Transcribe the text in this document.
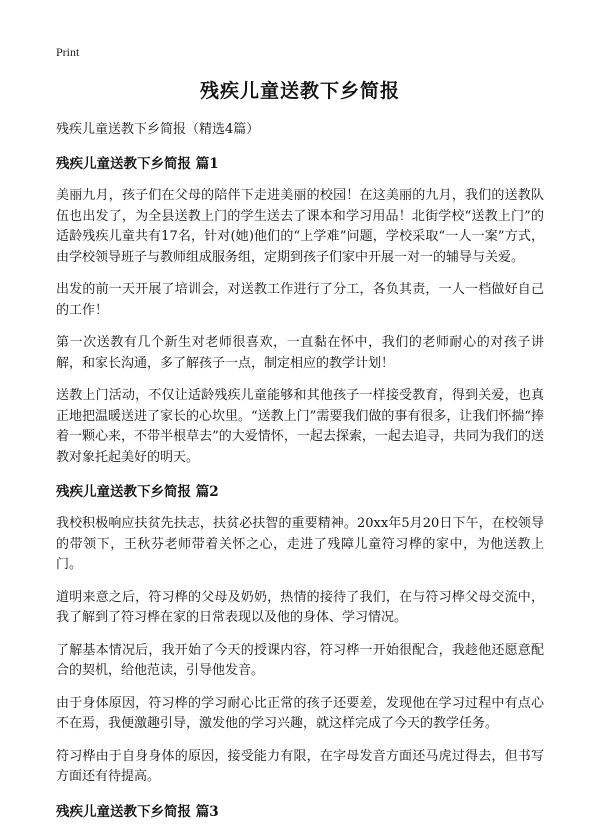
Print
残疾儿童送教下乡简报

残疾儿童送教下乡简报（精选4篇）

残疾儿童送教下乡简报 篇1

美丽九月，孩子们在父母的陪伴下走进美丽的校园！在这美丽的九月，我们的送教队伍也出发了，为全县送教上门的学生送去了课本和学习用品！北街学校“送教上门”的适龄残疾儿童共有17名，针对(她)他们的“上学难”问题，学校采取“一人一案”方式，由学校领导班子与教师组成服务组，定期到孩子们家中开展一对一的辅导与关爱。

出发的前一天开展了培训会，对送教工作进行了分工，各负其责，一人一档做好自己的工作！

第一次送教有几个新生对老师很喜欢，一直黏在怀中，我们的老师耐心的对孩子讲解，和家长沟通，多了解孩子一点，制定相应的教学计划！

送教上门活动，不仅让适龄残疾儿童能够和其他孩子一样接受教育，得到关爱，也真正地把温暖送进了家长的心坎里。“送教上门”需要我们做的事有很多，让我们怀揣“捧着一颗心来，不带半根草去”的大爱情怀，一起去探索，一起去追寻，共同为我们的送教对象托起美好的明天。

残疾儿童送教下乡简报 篇2

我校积极响应扶贫先扶志，扶贫必扶智的重要精神。20xx年5月20日下午，在校领导的带领下，王秋芬老师带着关怀之心，走进了残障儿童符习桦的家中，为他送教上门。

道明来意之后，符习桦的父母及奶奶，热情的接待了我们，在与符习桦父母交流中，我了解到了符习桦在家的日常表现以及他的身体、学习情况。

了解基本情况后，我开始了今天的授课内容，符习桦一开始很配合，我趁他还愿意配合的契机，给他范读，引导他发音。

由于身体原因，符习桦的学习耐心比正常的孩子还要差，发现他在学习过程中有点心不在焉，我便激趣引导，激发他的学习兴趣，就这样完成了今天的教学任务。

符习桦由于自身身体的原因，接受能力有限，在字母发音方面还马虎过得去，但书写方面还有待提高。

残疾儿童送教下乡简报 篇3
